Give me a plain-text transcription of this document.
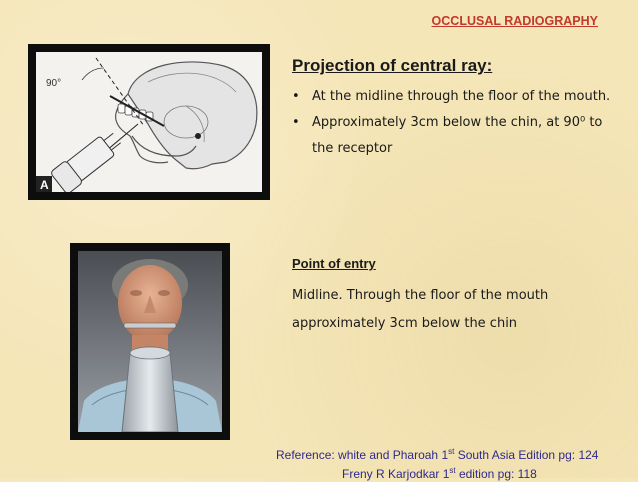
OCCLUSAL RADIOGRAPHY
90°
A
Projection of central ray:
• At the midline through the floor of the mouth.
• Approximately 3cm below the chin, at 90⁰ to the receptor
Point of entry
Midline. Through the floor of the mouth approximately 3cm below the chin
Reference: white and Pharoah 1st South Asia Edition pg: 124
Freny R Karjodkar 1st edition pg: 118
